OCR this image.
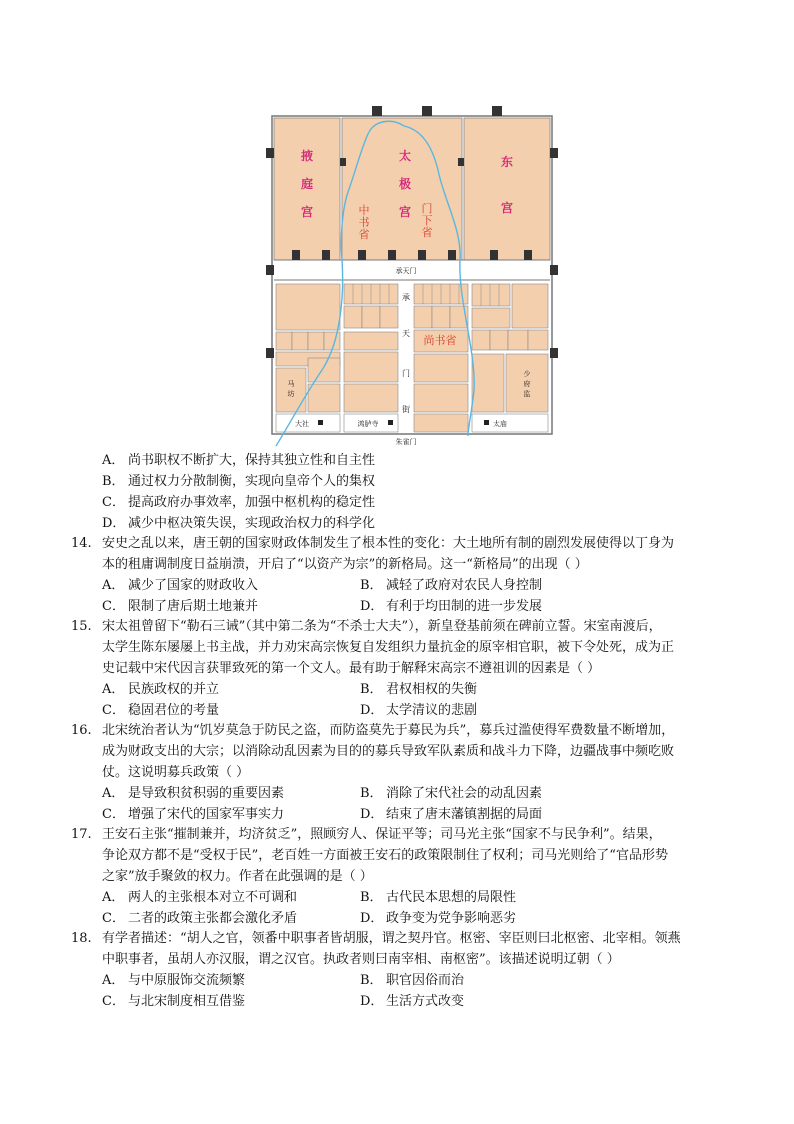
掖
庭
宫
太
极
宫
东
宫
中
书
省
门
下
省
尚书省
承天门
朱雀门
承
天
门
街
马
坊
少
府
监
大社	鸿胪寺	太庙
A． 尚书职权不断扩大，保持其独立性和自主性
B． 通过权力分散制衡，实现向皇帝个人的集权
C． 提高政府办事效率，加强中枢机构的稳定性
D． 减少中枢决策失误，实现政治权力的科学化
14. 安史之乱以来，唐王朝的国家财政体制发生了根本性的变化：大土地所有制的剧烈发展使得以丁身为
本的租庸调制度日益崩溃，开启了“以资产为宗”的新格局。这一“新格局”的出现（ ）
A． 减少了国家的财政收入	B． 减轻了政府对农民人身控制
C． 限制了唐后期土地兼并	D． 有利于均田制的进一步发展
15. 宋太祖曾留下“勒石三诫”（其中第二条为“不杀士大夫”），新皇登基前须在碑前立誓。宋室南渡后，
太学生陈东屡屡上书主战，并力劝宋高宗恢复自发组织力量抗金的原宰相官职，被下令处死，成为正
史记载中宋代因言获罪致死的第一个文人。最有助于解释宋高宗不遵祖训的因素是（ ）
A． 民族政权的并立	B． 君权相权的失衡
C． 稳固君位的考量	D． 太学清议的悲剧
16. 北宋统治者认为“饥岁莫急于防民之盗，而防盗莫先于募民为兵”，募兵过滥使得军费数量不断增加，
成为财政支出的大宗；以消除动乱因素为目的的募兵导致军队素质和战斗力下降，边疆战事中频吃败
仗。这说明募兵政策（ ）
A． 是导致积贫积弱的重要因素	B． 消除了宋代社会的动乱因素
C． 增强了宋代的国家军事实力	D． 结束了唐末藩镇割据的局面
17. 王安石主张“摧制兼并，均济贫乏”，照顾穷人、保证平等；司马光主张“国家不与民争利”。结果，
争论双方都不是“受权于民”，老百姓一方面被王安石的政策限制住了权利；司马光则给了“官品形势
之家”放手聚敛的权力。作者在此强调的是（ ）
A． 两人的主张根本对立不可调和	B． 古代民本思想的局限性
C． 二者的政策主张都会激化矛盾	D． 政争变为党争影响恶劣
18. 有学者描述：“胡人之官，领番中职事者皆胡服，谓之契丹官。枢密、宰臣则曰北枢密、北宰相。领燕
中职事者，虽胡人亦汉服，谓之汉官。执政者则曰南宰相、南枢密”。该描述说明辽朝（ ）
A． 与中原服饰交流频繁	B． 职官因俗而治
C． 与北宋制度相互借鉴	D． 生活方式改变
